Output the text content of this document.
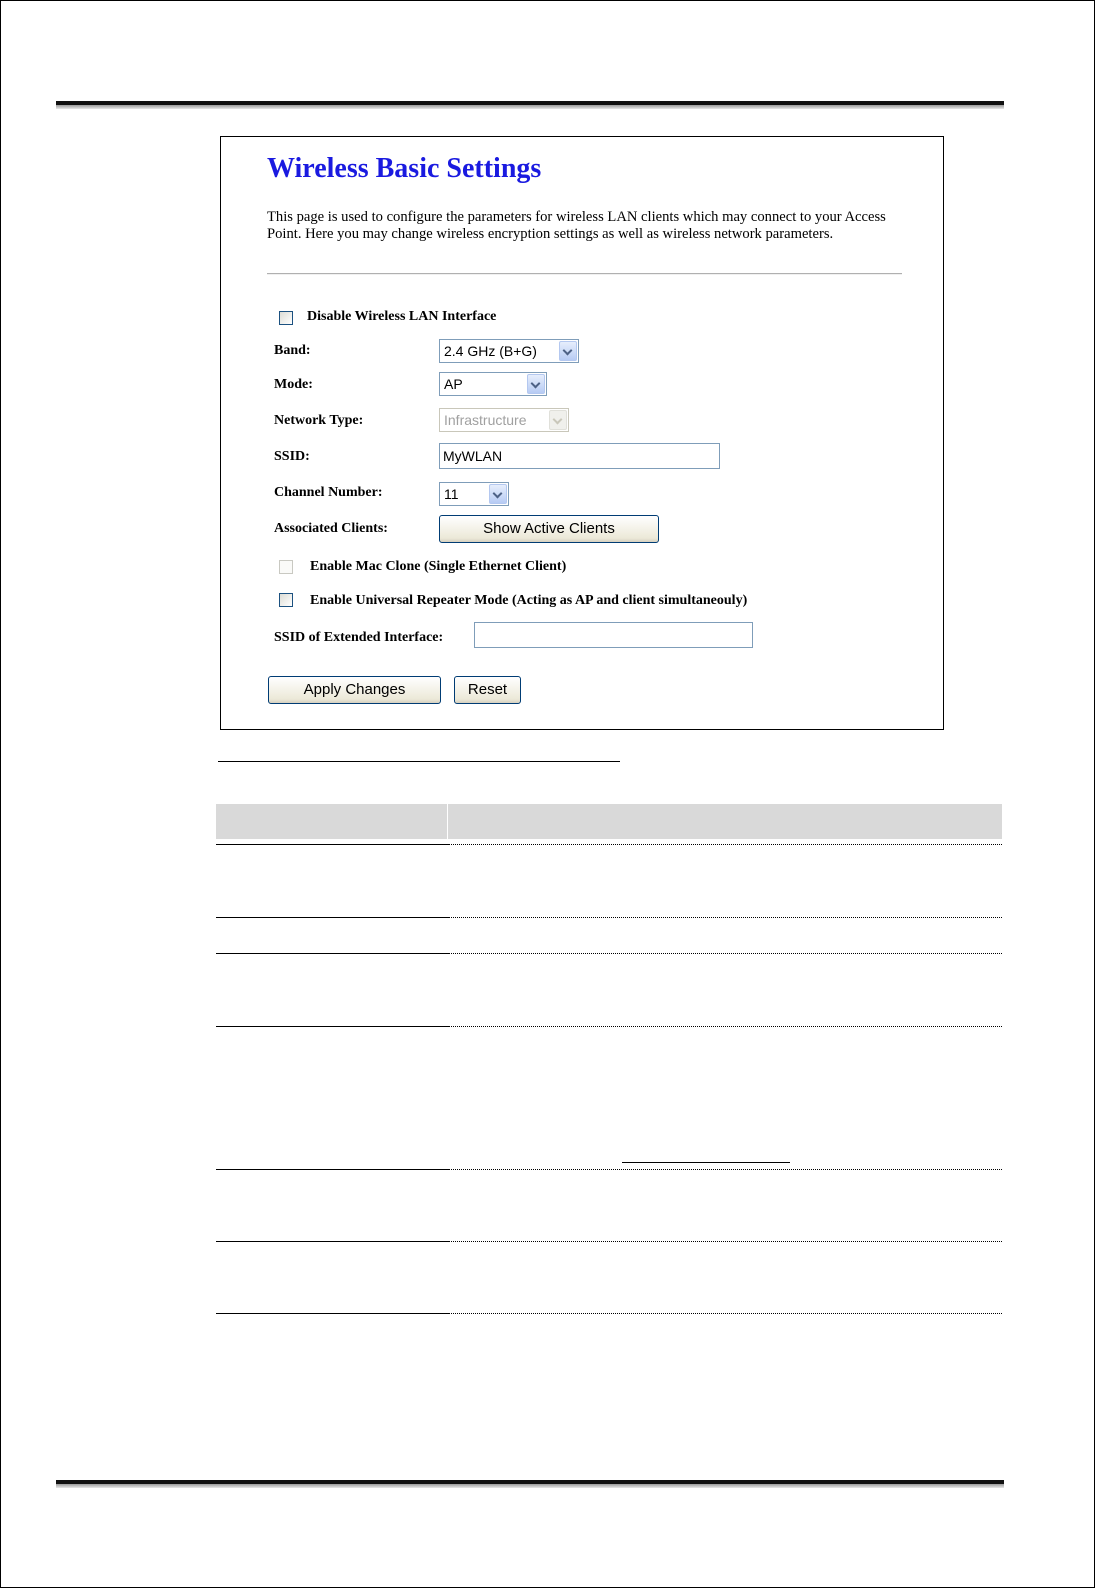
Wireless Basic Settings
This page is used to configure the parameters for wireless LAN clients which may connect to your Access Point. Here you may change wireless encryption settings as well as wireless network parameters.
Disable Wireless LAN Interface
Band:	2.4 GHz (B+G)
Mode:	AP
Network Type:	Infrastructure
SSID:	MyWLAN
Channel Number:	11
Associated Clients:	Show Active Clients
Enable Mac Clone (Single Ethernet Client)
Enable Universal Repeater Mode (Acting as AP and client simultaneouly)
SSID of Extended Interface:
Apply Changes	Reset
